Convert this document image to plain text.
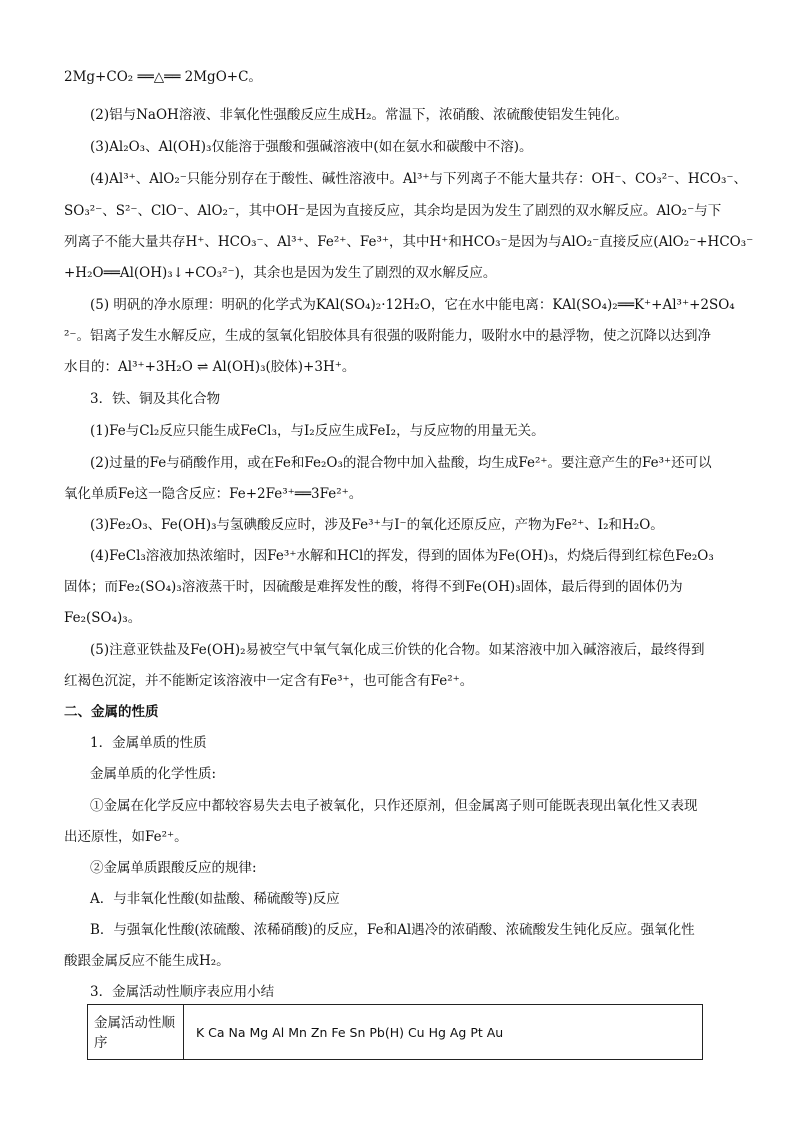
2Mg+CO₂ ══△══ 2MgO+C。
(2)铝与NaOH溶液、非氧化性强酸反应生成H₂。常温下，浓硝酸、浓硫酸使铝发生钝化。
(3)Al₂O₃、Al(OH)₃仅能溶于强酸和强碱溶液中(如在氨水和碳酸中不溶)。
(4)Al³⁺、AlO₂⁻只能分别存在于酸性、碱性溶液中。Al³⁺与下列离子不能大量共存：OH⁻、CO₃²⁻、HCO₃⁻、
SO₃²⁻、S²⁻、ClO⁻、AlO₂⁻，其中OH⁻是因为直接反应，其余均是因为发生了剧烈的双水解反应。AlO₂⁻与下
列离子不能大量共存H⁺、HCO₃⁻、Al³⁺、Fe²⁺、Fe³⁺，其中H⁺和HCO₃⁻是因为与AlO₂⁻直接反应(AlO₂⁻+HCO₃⁻
+H₂O══Al(OH)₃↓+CO₃²⁻)，其余也是因为发生了剧烈的双水解反应。
(5) 明矾的净水原理：明矾的化学式为KAl(SO₄)₂·12H₂O，它在水中能电离：KAl(SO₄)₂══K⁺+Al³⁺+2SO₄
²⁻。铝离子发生水解反应，生成的氢氧化铝胶体具有很强的吸附能力，吸附水中的悬浮物，使之沉降以达到净
水目的：Al³⁺+3H₂O ⇌ Al(OH)₃(胶体)+3H⁺。
3．铁、铜及其化合物
(1)Fe与Cl₂反应只能生成FeCl₃，与I₂反应生成FeI₂，与反应物的用量无关。
(2)过量的Fe与硝酸作用，或在Fe和Fe₂O₃的混合物中加入盐酸，均生成Fe²⁺。要注意产生的Fe³⁺还可以
氧化单质Fe这一隐含反应：Fe+2Fe³⁺══3Fe²⁺。
(3)Fe₂O₃、Fe(OH)₃与氢碘酸反应时，涉及Fe³⁺与I⁻的氧化还原反应，产物为Fe²⁺、I₂和H₂O。
(4)FeCl₃溶液加热浓缩时，因Fe³⁺水解和HCl的挥发，得到的固体为Fe(OH)₃，灼烧后得到红棕色Fe₂O₃
固体；而Fe₂(SO₄)₃溶液蒸干时，因硫酸是难挥发性的酸，将得不到Fe(OH)₃固体，最后得到的固体仍为
Fe₂(SO₄)₃。
(5)注意亚铁盐及Fe(OH)₂易被空气中氧气氧化成三价铁的化合物。如某溶液中加入碱溶液后，最终得到
红褐色沉淀，并不能断定该溶液中一定含有Fe³⁺，也可能含有Fe²⁺。
二、金属的性质
1．金属单质的性质
金属单质的化学性质:
①金属在化学反应中都较容易失去电子被氧化，只作还原剂，但金属离子则可能既表现出氧化性又表现
出还原性，如Fe²⁺。
②金属单质跟酸反应的规律:
A．与非氧化性酸(如盐酸、稀硫酸等)反应
B．与强氧化性酸(浓硫酸、浓稀硝酸)的反应，Fe和Al遇冷的浓硝酸、浓硫酸发生钝化反应。强氧化性
酸跟金属反应不能生成H₂。
3．金属活动性顺序表应用小结
金属活动性顺序
K Ca Na Mg Al Mn Zn Fe Sn Pb(H) Cu Hg Ag Pt Au
